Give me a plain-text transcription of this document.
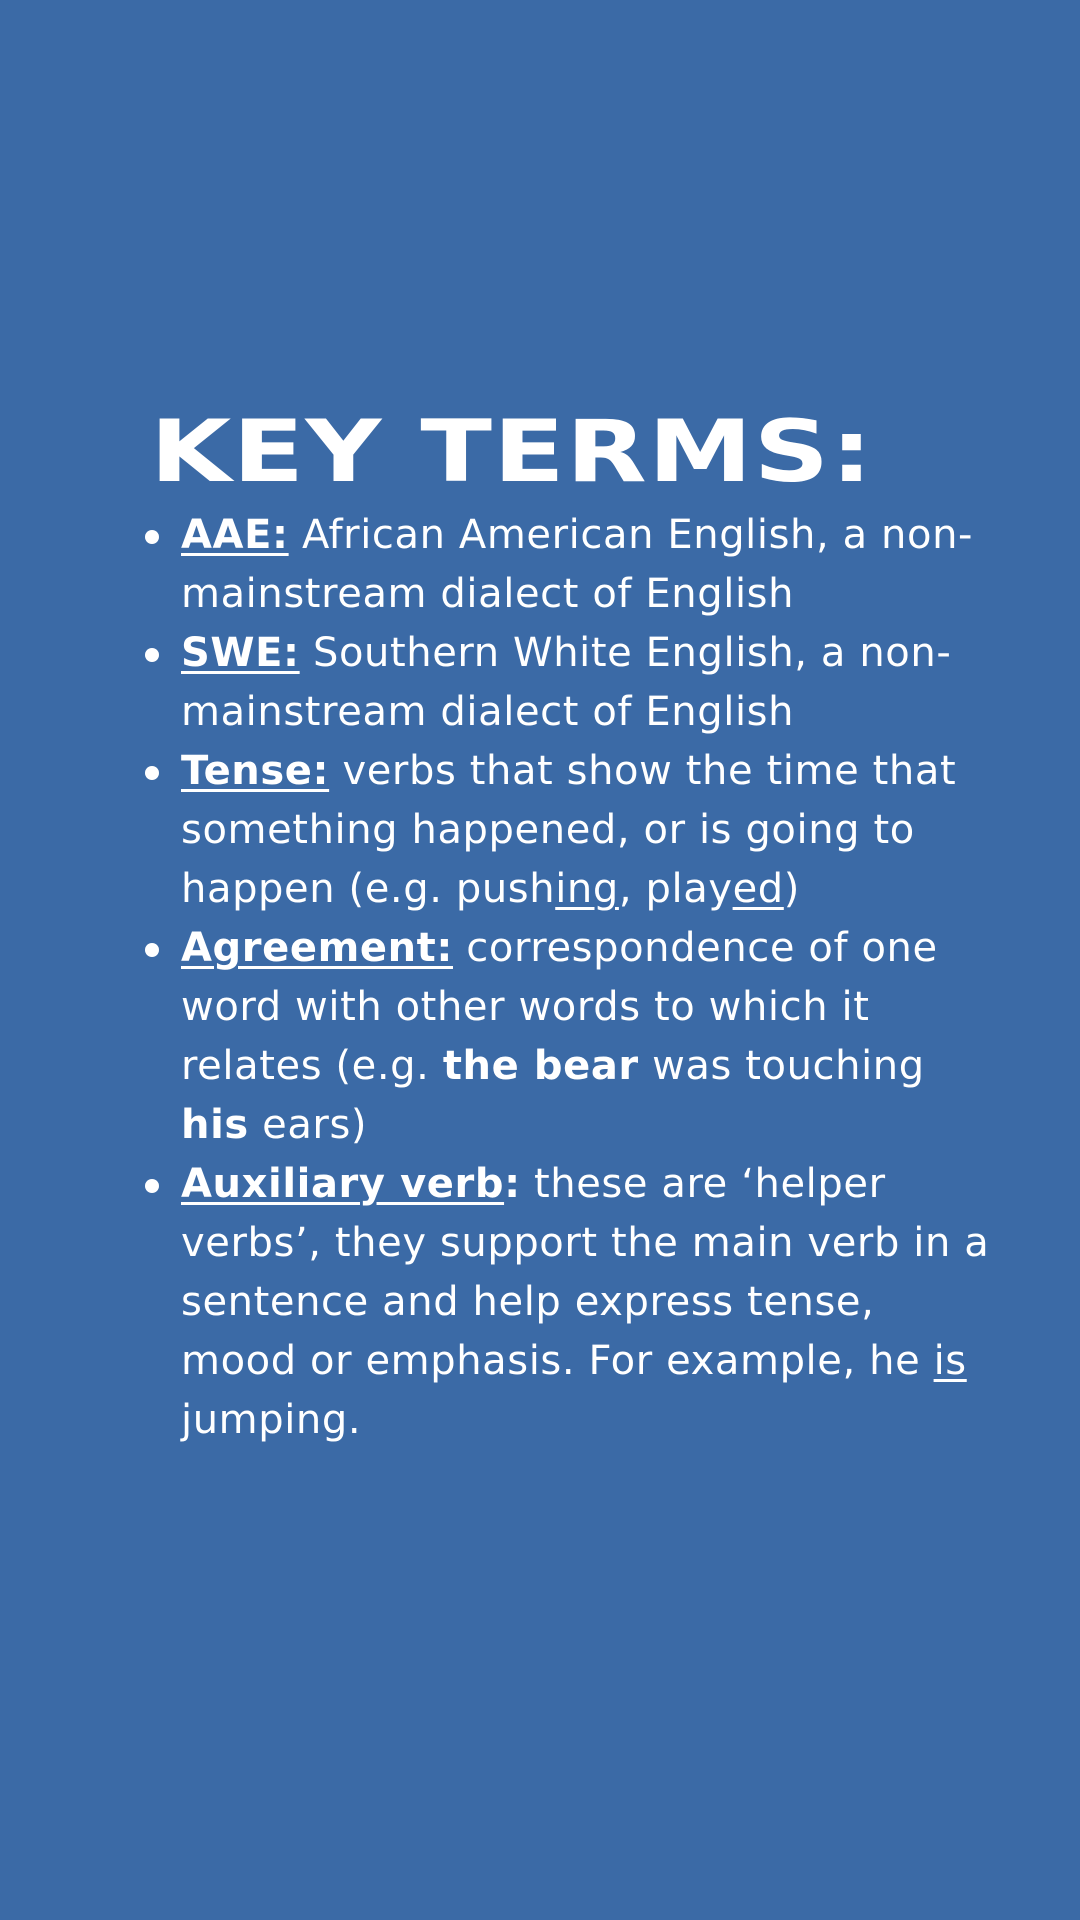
KEY TERMS:
AAE: African American English, a non-mainstream dialect of English
SWE: Southern White English, a non-mainstream dialect of English
Tense: verbs that show the time that something happened, or is going to happen (e.g. pushing, played)
Agreement: correspondence of one word with other words to which it relates (e.g. the bear was touching his ears)
Auxiliary verb: these are ‘helper verbs’, they support the main verb in a sentence and help express tense, mood or emphasis. For example, he is jumping.
